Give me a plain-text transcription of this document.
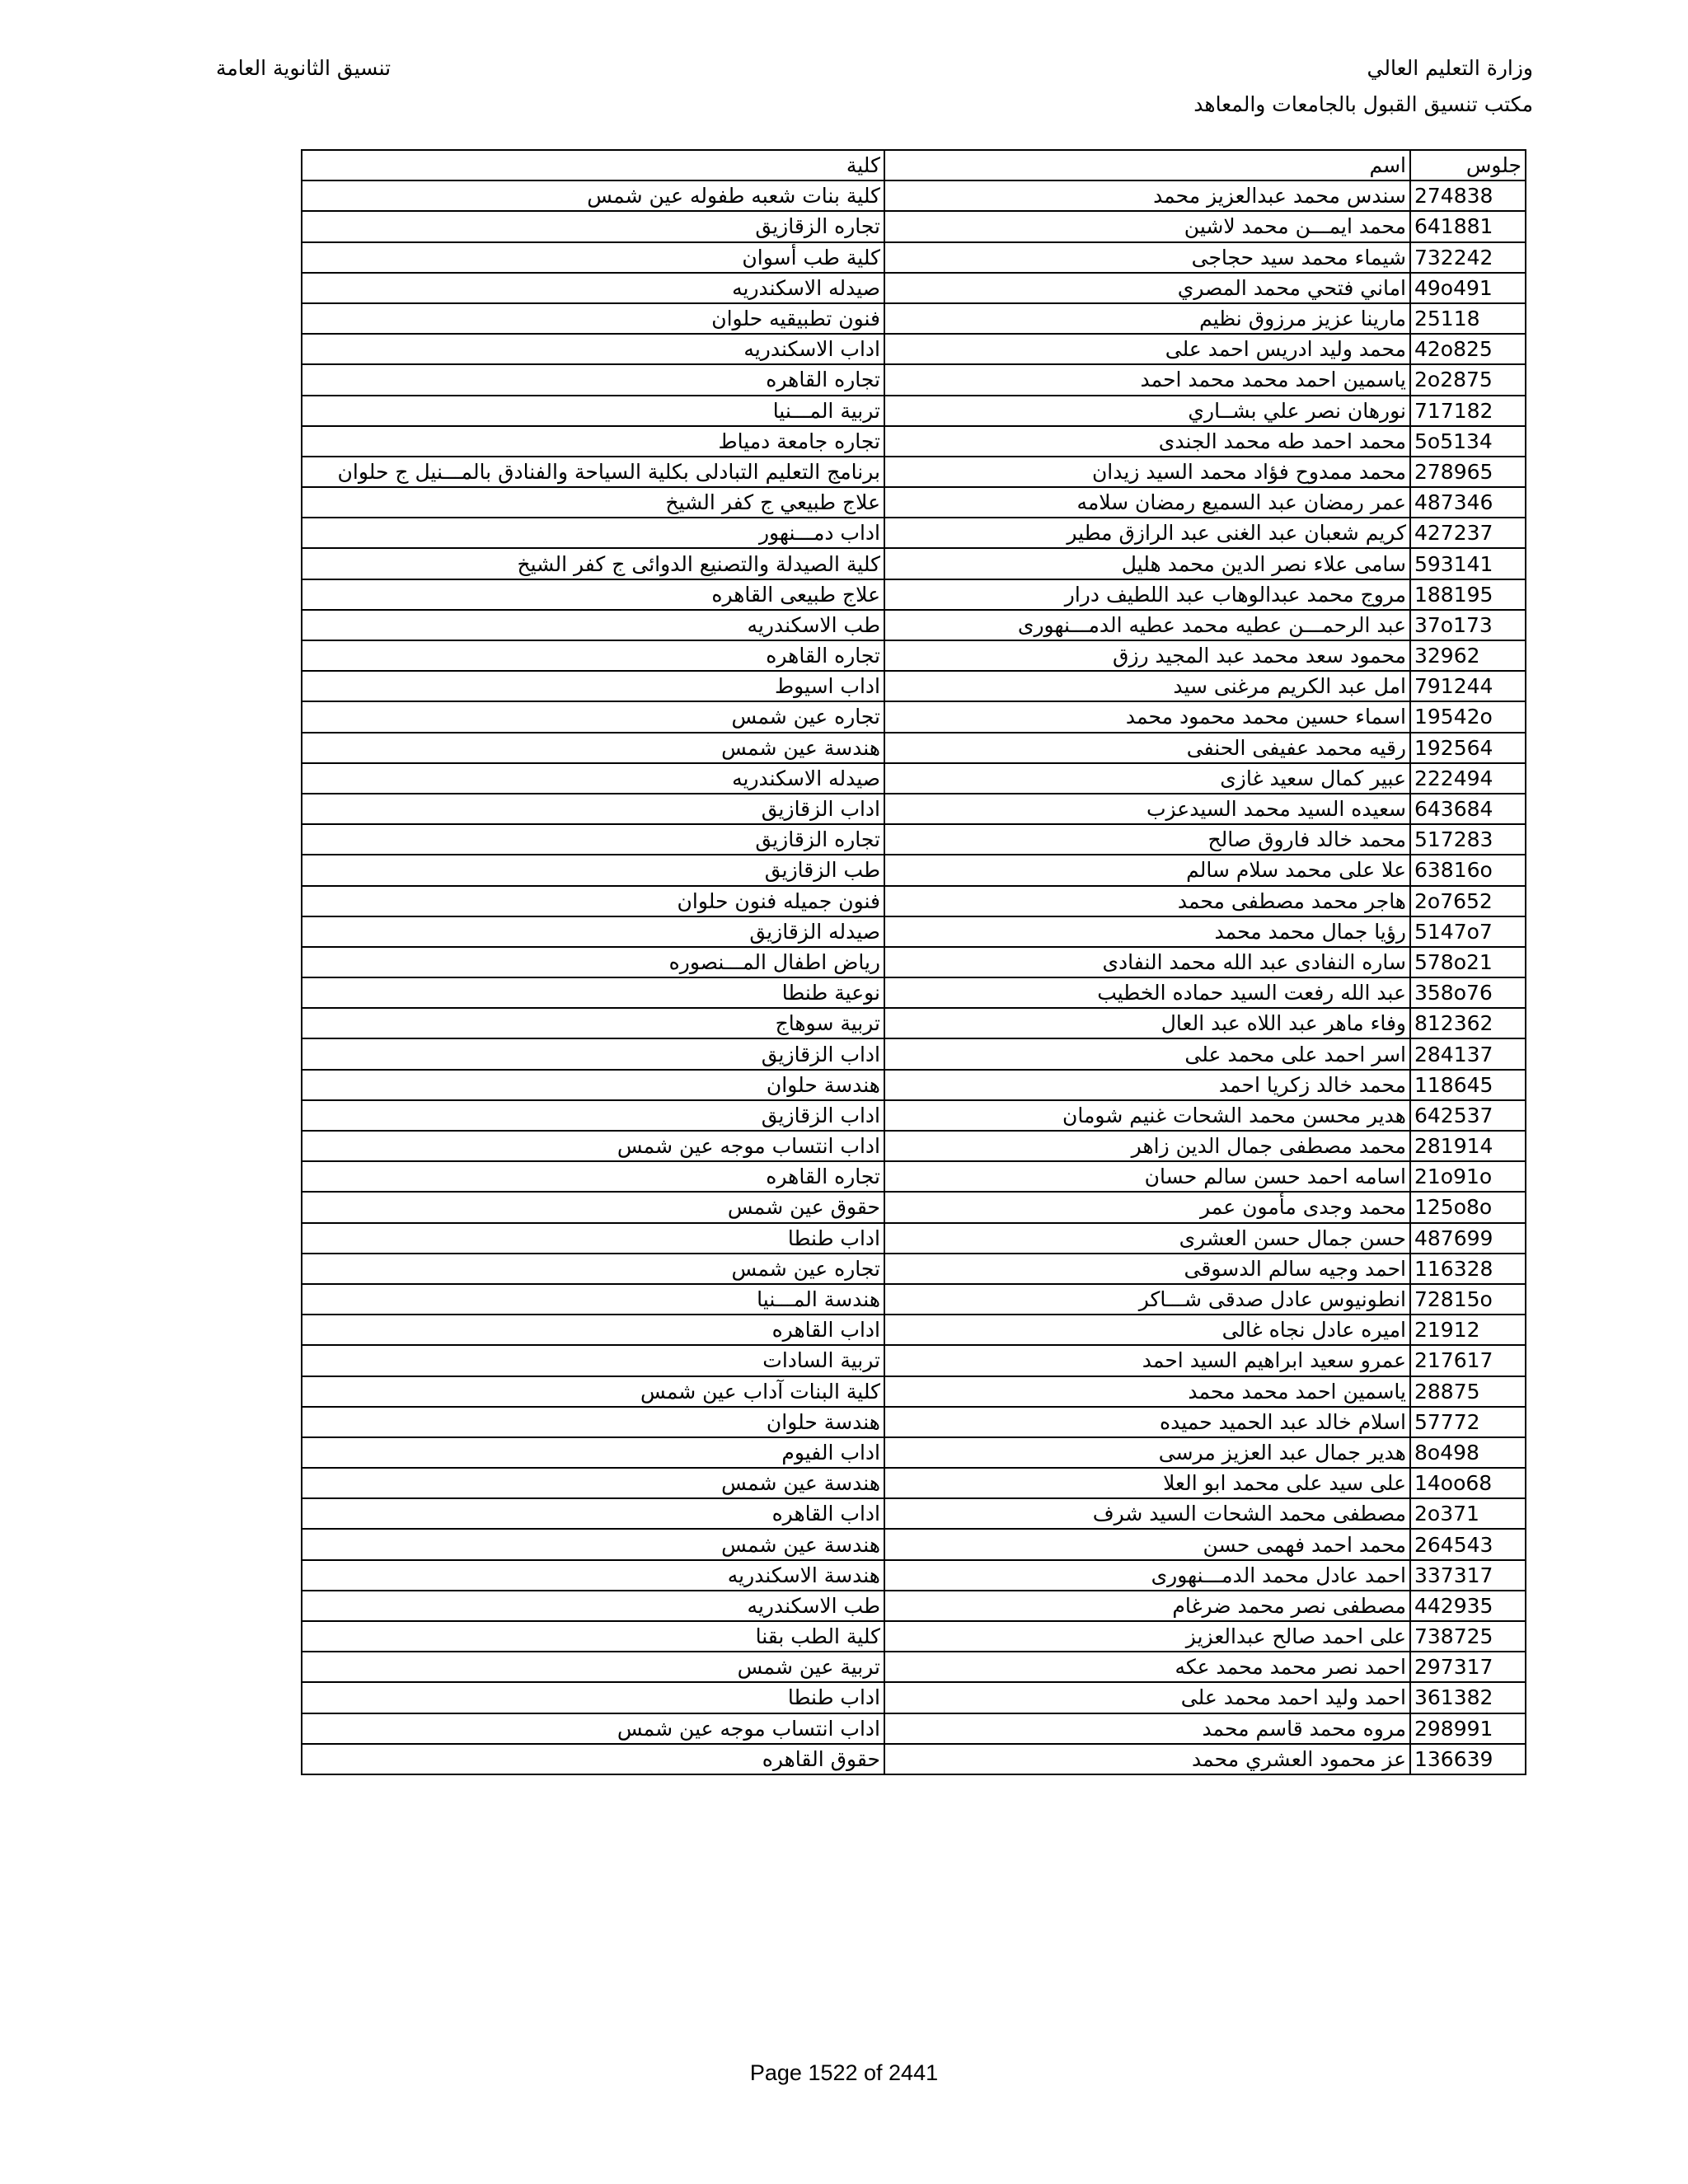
وزارة التعليم العالي
مكتب تنسيق القبول بالجامعات والمعاهد
تنسيق الثانوية العامة
جلوس	اسم	كلية
274838	سندس محمد عبدالعزيز محمد	كلية بنات شعبه طفوله عين شمس
641881	محمد ايمـــن محمد لاشين	تجاره الزقازيق
732242	شيماء محمد سيد حجاجى	كلية طب أسوان
49o491	اماني فتحي محمد المصري	صيدله الاسكندريه
25118	مارينا عزيز مرزوق نظيم	فنون تطبيقيه حلوان
42o825	محمد وليد ادريس احمد على	اداب الاسكندريه
2o2875	ياسمين احمد محمد محمد احمد	تجاره القاهره
717182	نورهان نصر علي بشــاري	تربية المـــنيا
5o5134	محمد احمد طه محمد الجندى	تجاره جامعة دمياط
278965	محمد ممدوح فؤاد محمد السيد زيدان	برنامج التعليم التبادلى بكلية السياحة والفنادق بالمـــنيل ج حلوان
487346	عمر رمضان عبد السميع رمضان سلامه	علاج طبيعي ج كفر الشيخ
427237	كريم شعبان عبد الغنى عبد الرازق مطير	اداب دمـــنهور
593141	سامى علاء نصر الدين محمد هليل	كلية الصيدلة والتصنيع الدوائى ج كفر الشيخ
188195	مروج محمد عبدالوهاب عبد اللطيف درار	علاج طبيعى القاهره
37o173	عبد الرحمـــن عطيه محمد عطيه الدمـــنهورى	طب الاسكندريه
32962	محمود سعد محمد عبد المجيد رزق	تجاره القاهره
791244	امل عبد الكريم مرغنى سيد	اداب اسيوط
19542o	اسماء حسين محمد محمود محمد	تجاره عين شمس
192564	رقيه محمد عفيفى الحنفى	هندسة عين شمس
222494	عبير كمال سعيد غازى	صيدله الاسكندريه
643684	سعيده السيد محمد السيدعزب	اداب الزقازيق
517283	محمد خالد فاروق صالح	تجاره الزقازيق
63816o	علا على محمد سلام سالم	طب الزقازيق
2o7652	هاجر محمد مصطفى محمد	فنون جميله فنون حلوان
5147o7	رؤيا جمال محمد محمد	صيدله الزقازيق
578o21	ساره النفادى عبد الله محمد النفادى	رياض اطفال المـــنصوره
358o76	عبد الله رفعت السيد حماده الخطيب	نوعية طنطا
812362	وفاء ماهر عبد اللاه عبد العال	تربية سوهاج
284137	اسر احمد على محمد على	اداب الزقازيق
118645	محمد خالد زكريا احمد	هندسة حلوان
642537	هدير محسن محمد الشحات غنيم شومان	اداب الزقازيق
281914	محمد مصطفى جمال الدين زاهر	اداب انتساب موجه عين شمس
21o91o	اسامه احمد حسن سالم حسان	تجاره القاهره
125o8o	محمد وجدى مأمون عمر	حقوق عين شمس
487699	حسن جمال حسن العشرى	اداب طنطا
116328	احمد وجيه سالم الدسوقى	تجاره عين شمس
72815o	انطونيوس عادل صدقى شـــاكر	هندسة المـــنيا
21912	اميره عادل نجاه غالى	اداب القاهره
217617	عمرو سعيد ابراهيم السيد احمد	تربية السادات
28875	ياسمين احمد محمد محمد	كلية البنات آداب عين شمس
57772	اسلام خالد عبد الحميد حميده	هندسة حلوان
8o498	هدير جمال عبد العزيز مرسى	اداب الفيوم
14oo68	على سيد على محمد ابو العلا	هندسة عين شمس
2o371	مصطفى محمد الشحات السيد شرف	اداب القاهره
264543	محمد احمد فهمى حسن	هندسة عين شمس
337317	احمد عادل محمد الدمـــنهورى	هندسة الاسكندريه
442935	مصطفى نصر محمد ضرغام	طب الاسكندريه
738725	على احمد صالح عبدالعزيز	كلية الطب بقنا
297317	احمد نصر محمد محمد عكه	تربية عين شمس
361382	احمد وليد احمد محمد على	اداب طنطا
298991	مروه محمد قاسم محمد	اداب انتساب موجه عين شمس
136639	عز محمود العشري محمد	حقوق القاهره
Page 1522 of 2441
